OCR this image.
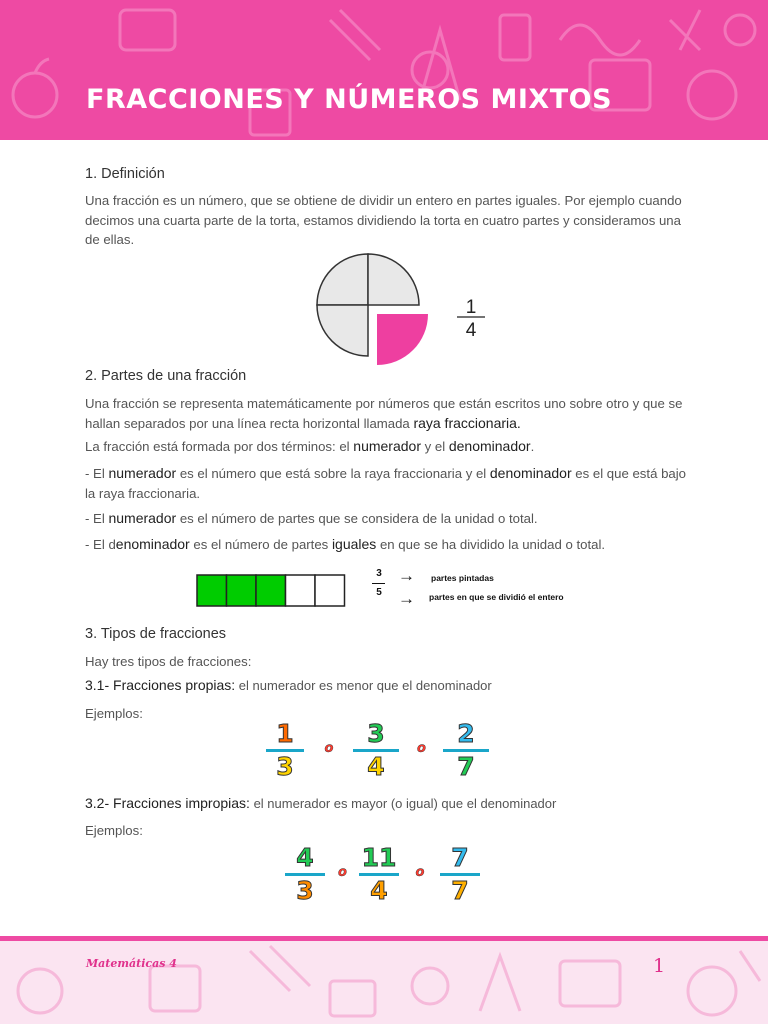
FRACCIONES Y NÚMEROS MIXTOS
1. Definición
Una fracción es un número, que se obtiene de dividir un entero en partes iguales. Por ejemplo cuando decimos una cuarta parte de la torta, estamos dividiendo la torta en cuatro partes y consideramos una de ellas.
1
4
2. Partes de una fracción
Una fracción se representa matemáticamente por números que están escritos uno sobre otro y que se hallan separados por una línea recta horizontal llamada raya fraccionaria.
La fracción está formada por dos términos: el numerador y el denominador.
- El numerador es el número que está sobre la raya fraccionaria y el denominador es el que está bajo la raya fraccionaria.
- El numerador es el número de partes que se considera de la unidad o total.
- El denominador es el número de partes iguales en que se ha dividido la unidad o total.
3
5
→
→
partes pintadas
partes en que se dividió el entero
3. Tipos de fracciones
Hay tres tipos de fracciones:
3.1- Fracciones propias: el numerador es menor que el denominador
Ejemplos:
1
3
o
3
4
o
2
7
3.2- Fracciones impropias: el numerador es mayor (o igual) que el denominador
Ejemplos:
4
3
o
11
4
o
7
7
Matemáticas 4	1
